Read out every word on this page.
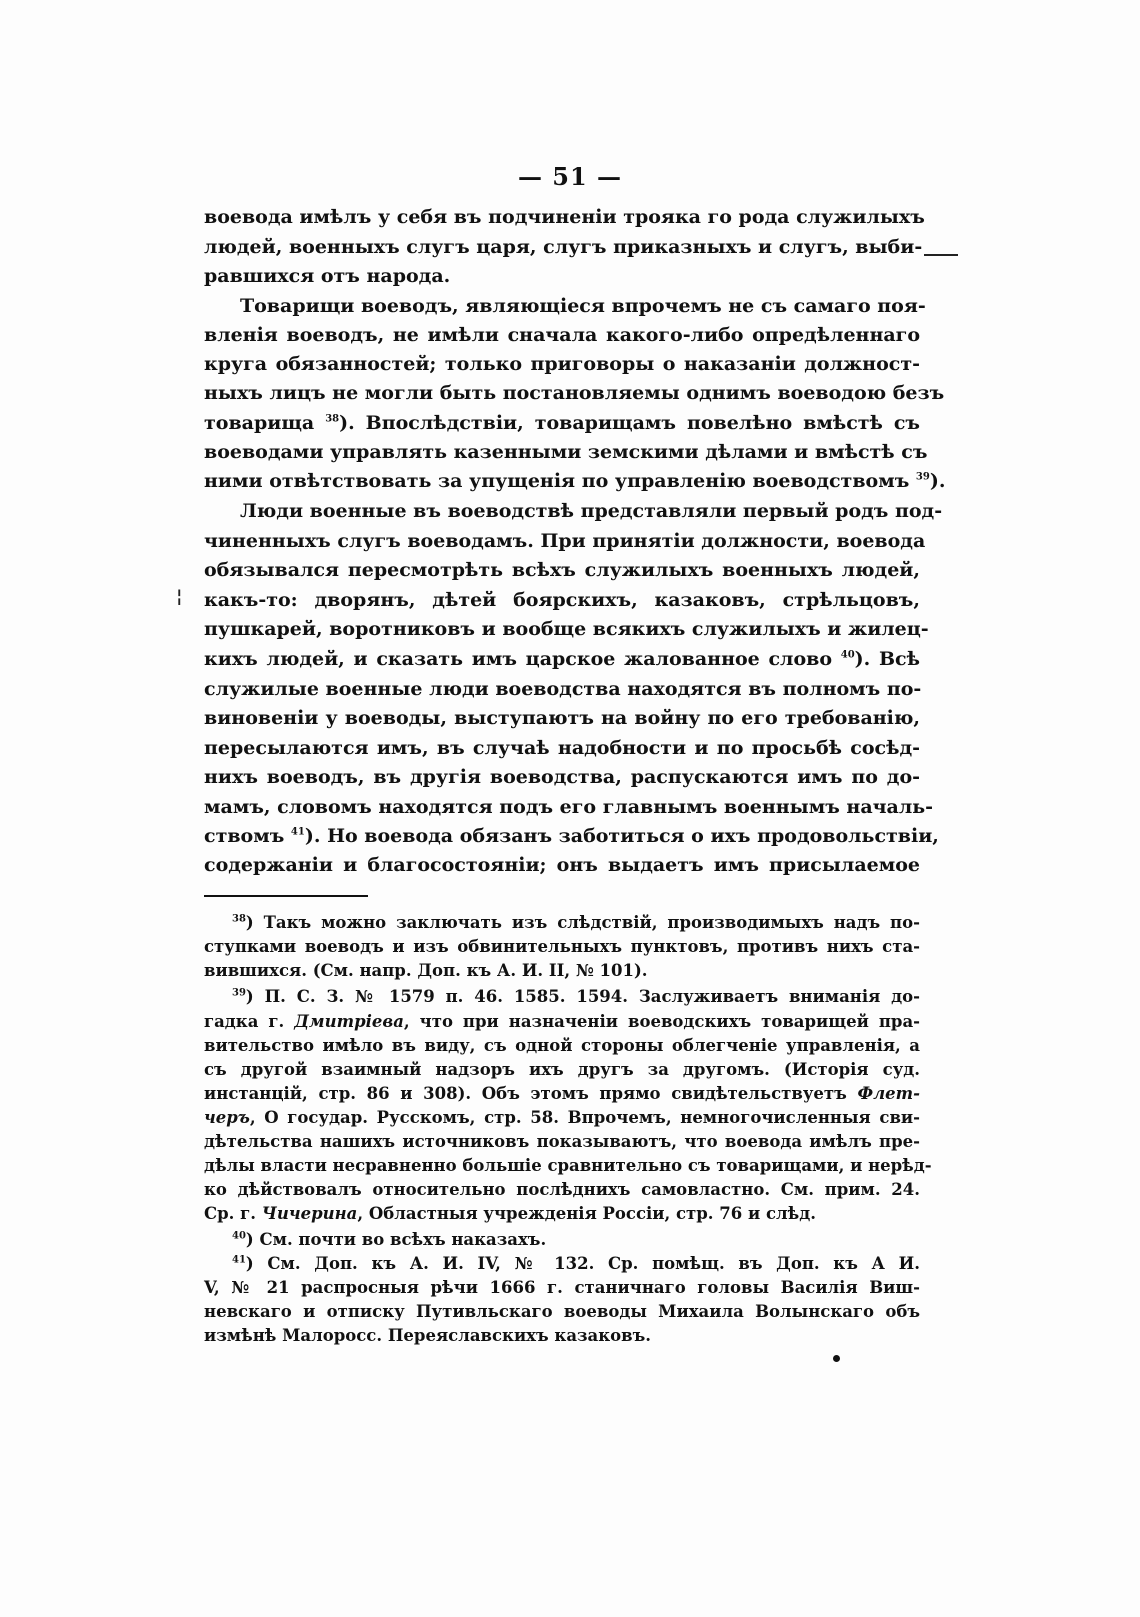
— 51 —
воевода имѣлъ у себя въ подчиненіи трояка го рода служилыхъ
людей, военныхъ слугъ царя, слугъ приказныхъ и слугъ, выби-
равшихся отъ народа.
Товарищи воеводъ, являющіеся впрочемъ не съ самаго поя-
вленія воеводъ, не имѣли сначала какого-либо опредѣленнаго
круга обязанностей; только приговоры о наказаніи должност-
ныхъ лицъ не могли быть постановляемы однимъ воеводою безъ
товарища $^{38}$). Впослѣдствіи, товарищамъ повелѣно вмѣстѣ съ
воеводами управлять казенными земскими дѣлами и вмѣстѣ съ
ними отвѣтствовать за упущенія по управленію воеводствомъ $^{39}$).
Люди военные въ воеводствѣ представляли первый родъ под-
чиненныхъ слугъ воеводамъ. При принятіи должности, воевода
обязывался пересмотрѣть всѣхъ служилыхъ военныхъ людей,
какъ-то: дворянъ, дѣтей боярскихъ, казаковъ, стрѣльцовъ,
пушкарей, воротниковъ и вообще всякихъ служилыхъ и жилец-
кихъ людей, и сказать имъ царское жалованное слово $^{40}$). Всѣ
служилые военные люди воеводства находятся въ полномъ по-
виновеніи у воеводы, выступаютъ на войну по его требованію,
пересылаются имъ, въ случаѣ надобности и по просьбѣ сосѣд-
нихъ воеводъ, въ другія воеводства, распускаются имъ по до-
мамъ, словомъ находятся подъ его главнымъ военнымъ началь-
ствомъ $^{41}$). Но воевода обязанъ заботиться о ихъ продовольствіи,
содержаніи и благосостояніи; онъ выдаетъ имъ присылаемое
$^{38}$) Такъ можно заключать изъ слѣдствій, производимыхъ надъ по-
ступками воеводъ и изъ обвинительныхъ пунктовъ, противъ нихъ ста-
вившихся. (См. напр. Доп. къ А. И. II, № 101).
$^{39}$) П. С. З. № 1579 п. 46. 1585. 1594. Заслуживаетъ вниманія до-
гадка г. Дмитріева, что при назначеніи воеводскихъ товарищей пра-
вительство имѣло въ виду, съ одной стороны облегченіе управленія, а
съ другой взаимный надзоръ ихъ другъ за другомъ. (Исторія суд.
инстанцій, стр. 86 и 308). Объ этомъ прямо свидѣтельствуетъ Флет-
черъ, О государ. Русскомъ, стр. 58. Впрочемъ, немногочисленныя сви-
дѣтельства нашихъ источниковъ показываютъ, что воевода имѣлъ пре-
дѣлы власти несравненно большіе сравнительно съ товарищами, и нерѣд-
ко дѣйствовалъ относительно послѣднихъ самовластно. См. прим. 24.
Ср. г. Чичерина, Областныя учрежденія Россіи, стр. 76 и слѣд.
$^{40}$) См. почти во всѣхъ наказахъ.
$^{41}$) См. Доп. къ А. И. IV, № 132. Ср. помѣщ. въ Доп. къ А И.
V, № 21 распросныя рѣчи 1666 г. станичнаго головы Василія Виш-
невскаго и отписку Путивльскаго воеводы Михаила Волынскаго объ
измѣнѣ Малоросс. Переяславскихъ казаковъ.
¦
